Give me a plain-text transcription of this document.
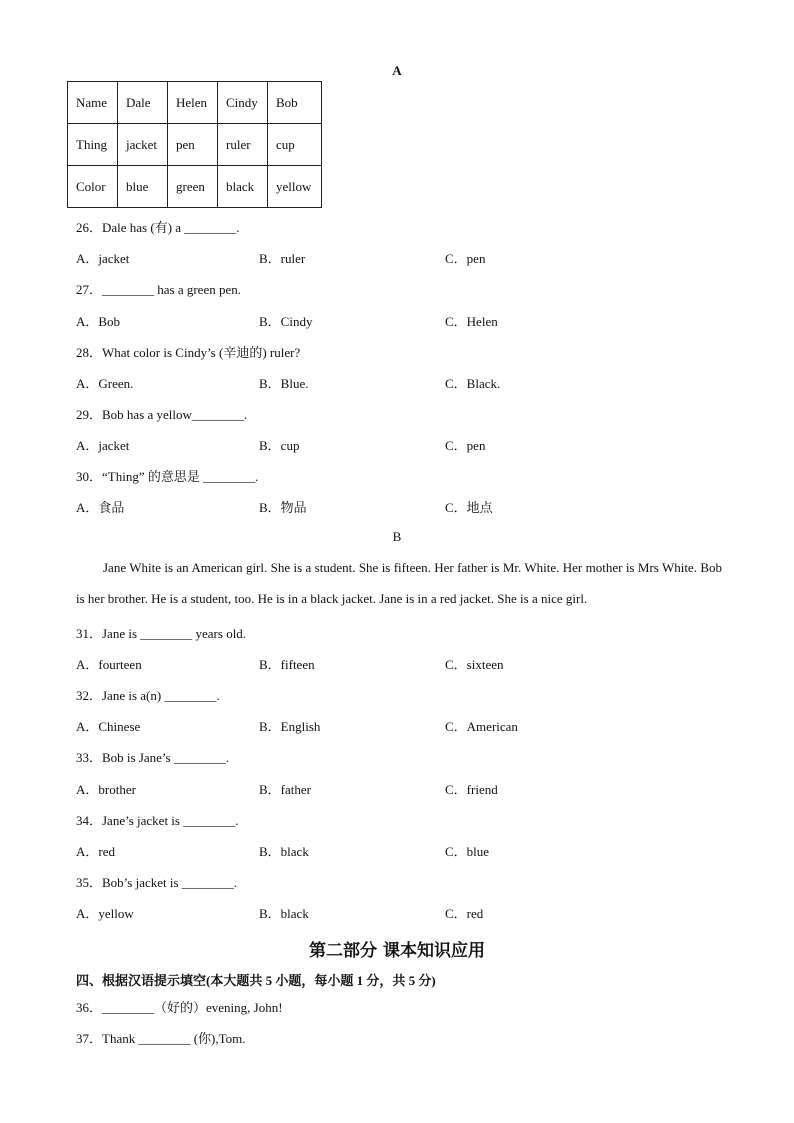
A
Name	Dale	Helen	Cindy	Bob
Thing	jacket	pen	ruler	cup
Color	blue	green	black	yellow
26．Dale has (有) a ________.
A．jacket	B．ruler	C．pen
27．________ has a green pen.
A．Bob	B．Cindy	C．Helen
28．What color is Cindy’s (辛迪的) ruler?
A．Green.	B．Blue.	C．Black.
29．Bob has a yellow________.
A．jacket	B．cup	C．pen
30．“Thing” 的意思是 ________.
A．食品	B．物品	C．地点
B
Jane White is an American girl. She is a student. She is fifteen. Her father is Mr. White. Her mother is Mrs White. Bob is her brother. He is a student, too. He is in a black jacket. Jane is in a red jacket. She is a nice girl.
31．Jane is ________ years old.
A．fourteen	B．fifteen	C．sixteen
32．Jane is a(n) ________.
A．Chinese	B．English	C．American
33．Bob is Jane’s ________.
A．brother	B．father	C．friend
34．Jane’s jacket is ________.
A．red	B．black	C．blue
35．Bob’s jacket is ________.
A．yellow	B．black	C．red
第二部分 课本知识应用
四、根据汉语提示填空(本大题共 5 小题，每小题 1 分，共 5 分)
36．________（好的）evening, John!
37．Thank ________ (你),Tom.
